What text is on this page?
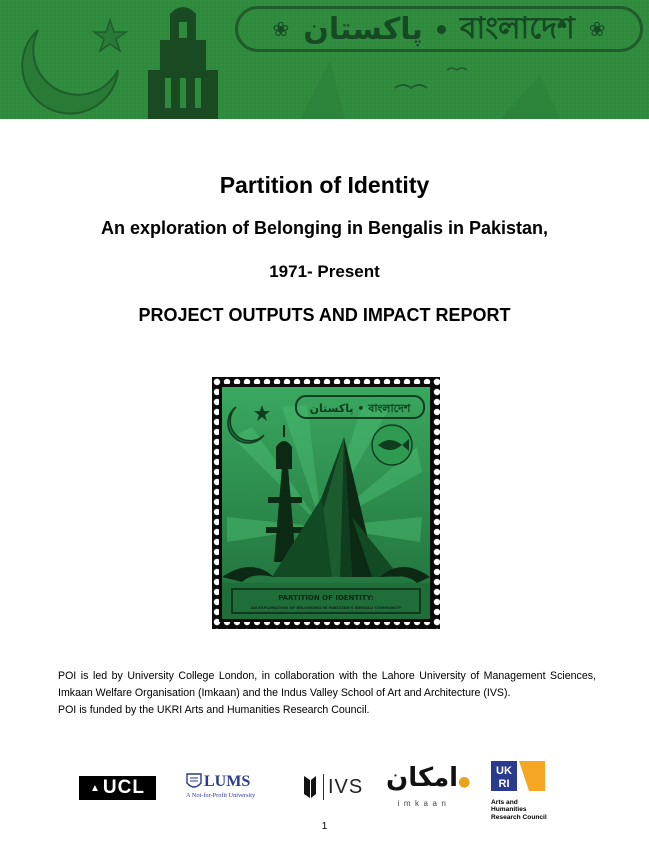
❀ پاکستان বাংলাদেশ ❀
Partition of Identity
An exploration of Belonging in Bengalis in Pakistan,
1971- Present
PROJECT OUTPUTS AND IMPACT REPORT
پاکستان • বাংলাদেশ
PARTITION OF IDENTITY:
AN EXPLORATION OF BELONGING IN PAKISTAN'S BENGALI COMMUNITY

POI is led by University College London, in collaboration with the Lahore University of Management Sciences, Imkaan Welfare Organisation (Imkaan) and the Indus Valley School of Art and Architecture (IVS).

POI is funded by the UKRI Arts and Humanities Research Council.

▲ UCL	LUMS
A Not-for-Profit University	IVS امکان●
imkaan
UK
RI
Arts and
Humanities
Research Council
1
